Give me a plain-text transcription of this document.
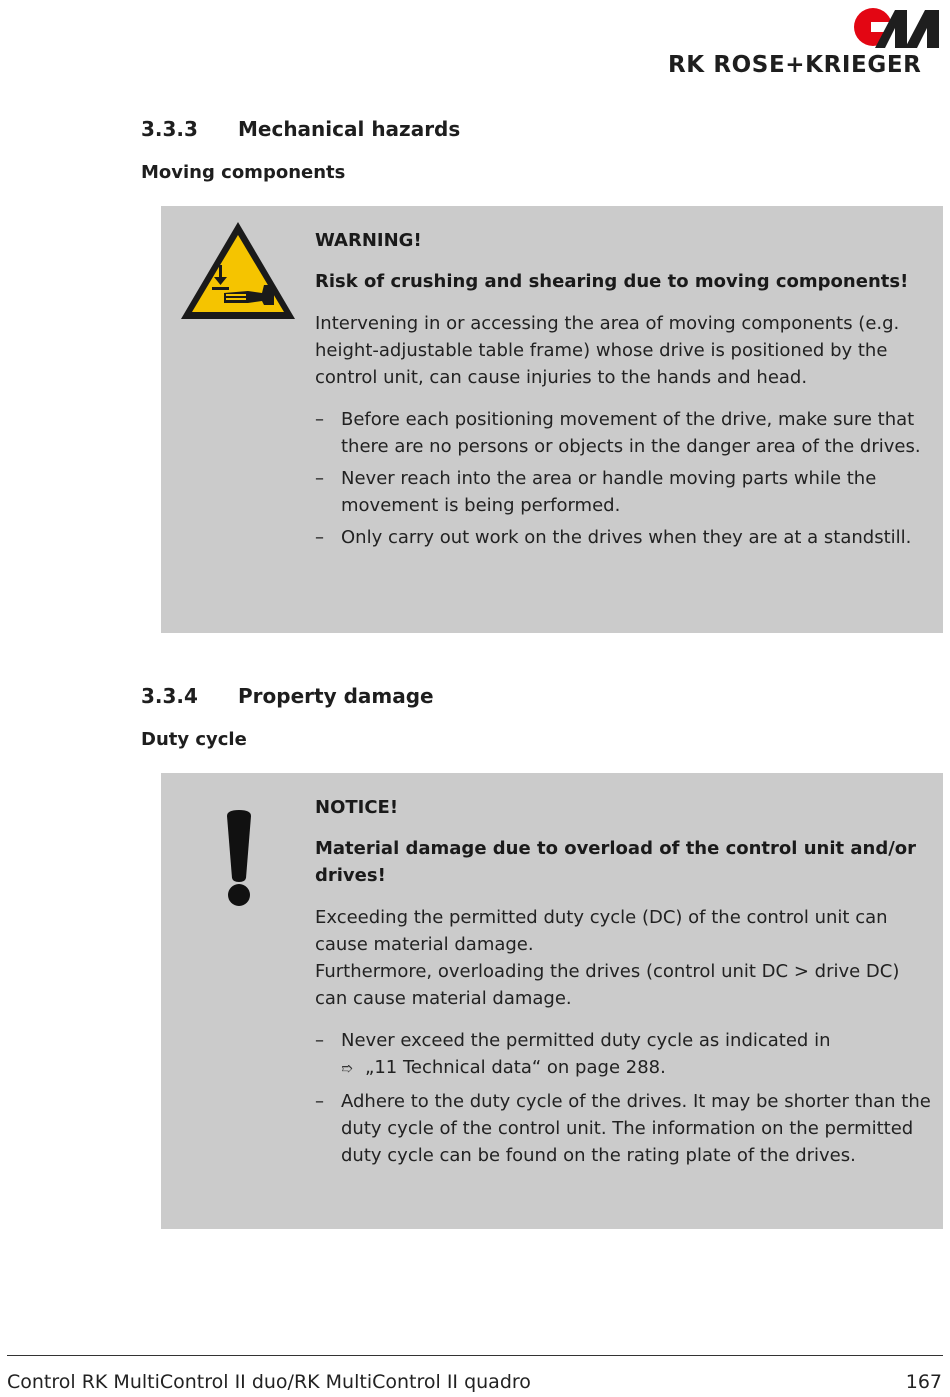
RK ROSE+KRIEGER
3.3.3 Mechanical hazards
Moving components
WARNING!
Risk of crushing and shearing due to moving components!
Intervening in or accessing the area of moving components (e.g. height-adjustable table frame) whose drive is positioned by the control unit, can cause injuries to the hands and head.
– Before each positioning movement of the drive, make sure that there are no persons or objects in the danger area of the drives.
– Never reach into the area or handle moving parts while the movement is being performed.
– Only carry out work on the drives when they are at a standstill.
3.3.4 Property damage
Duty cycle
NOTICE!
Material damage due to overload of the control unit and/or drives!
Exceeding the permitted duty cycle (DC) of the control unit can cause material damage.
Furthermore, overloading the drives (control unit DC > drive DC) can cause material damage.
– Never exceed the permitted duty cycle as indicated in
➱ „11 Technical data“ on page 288.
– Adhere to the duty cycle of the drives. It may be shorter than the duty cycle of the control unit. The information on the permitted duty cycle can be found on the rating plate of the drives.
Control RK MultiControl II duo/RK MultiControl II quadro	167
